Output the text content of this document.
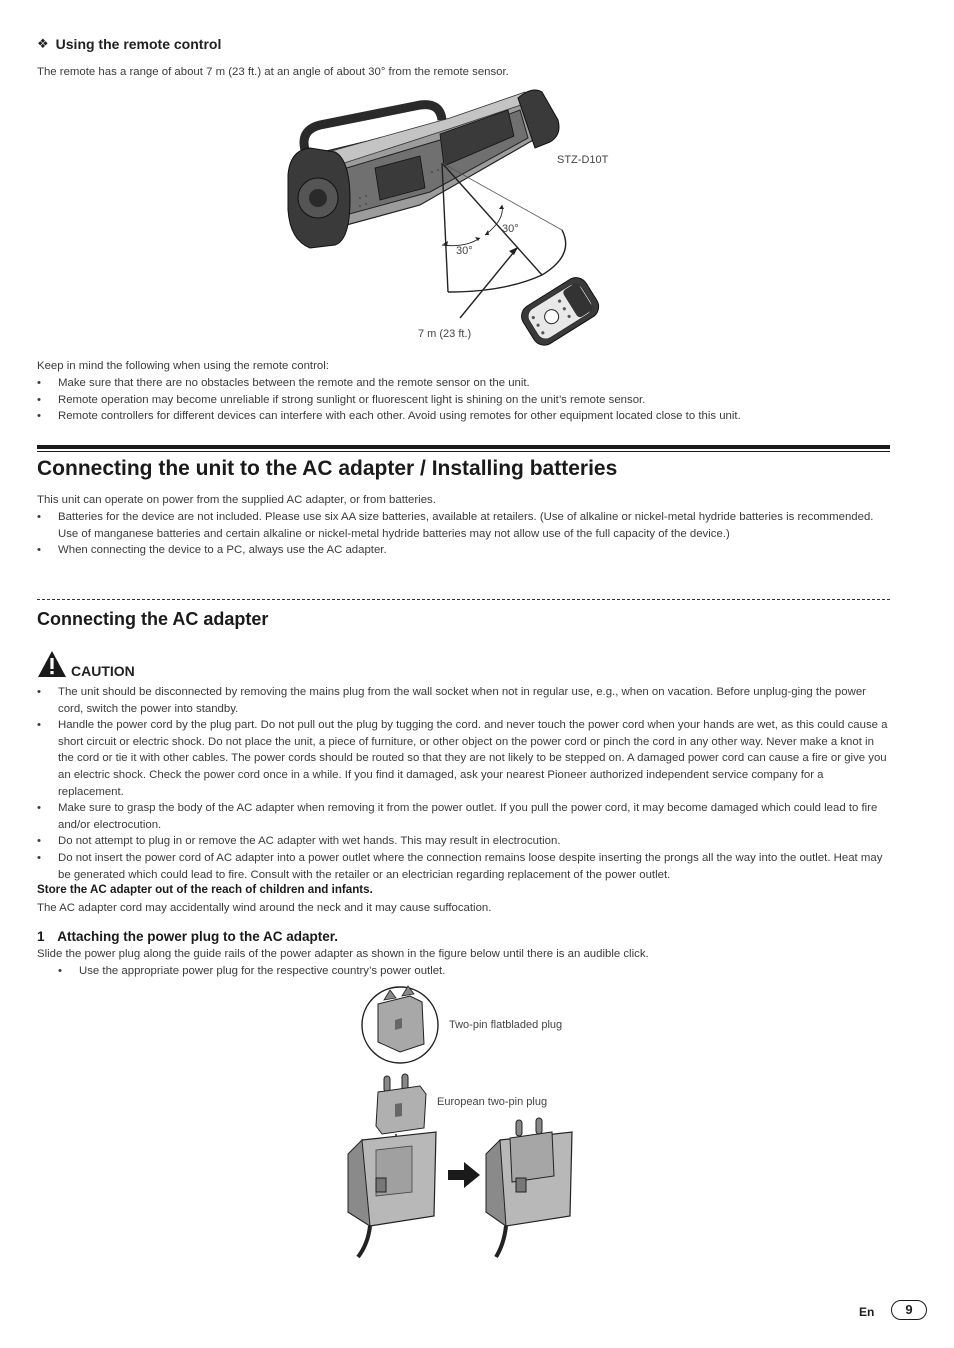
❖ Using the remote control
The remote has a range of about 7 m (23 ft.) at an angle of about 30° from the remote sensor.
STZ-D10T
30°
30°
7 m (23 ft.)
Keep in mind the following when using the remote control:
• Make sure that there are no obstacles between the remote and the remote sensor on the unit.
• Remote operation may become unreliable if strong sunlight or fluorescent light is shining on the unit’s remote sensor.
• Remote controllers for different devices can interfere with each other. Avoid using remotes for other equipment located close to this unit.
Connecting the unit to the AC adapter / Installing batteries
This unit can operate on power from the supplied AC adapter, or from batteries.
• Batteries for the device are not included. Please use six AA size batteries, available at retailers. (Use of alkaline or nickel-metal hydride batteries is recommended. Use of manganese batteries and certain alkaline or nickel-metal hydride batteries may not allow use of the full capacity of the device.)
• When connecting the device to a PC, always use the AC adapter.
Connecting the AC adapter
CAUTION
• The unit should be disconnected by removing the mains plug from the wall socket when not in regular use, e.g., when on vacation. Before unplug-ging the power cord, switch the power into standby.
• Handle the power cord by the plug part. Do not pull out the plug by tugging the cord. and never touch the power cord when your hands are wet, as this could cause a short circuit or electric shock. Do not place the unit, a piece of furniture, or other object on the power cord or pinch the cord in any other way. Never make a knot in the cord or tie it with other cables. The power cords should be routed so that they are not likely to be stepped on. A damaged power cord can cause a fire or give you an electric shock. Check the power cord once in a while. If you find it damaged, ask your nearest Pioneer authorized independent service company for a replacement.
• Make sure to grasp the body of the AC adapter when removing it from the power outlet. If you pull the power cord, it may become damaged which could lead to fire and/or electrocution.
• Do not attempt to plug in or remove the AC adapter with wet hands. This may result in electrocution.
• Do not insert the power cord of AC adapter into a power outlet where the connection remains loose despite inserting the prongs all the way into the outlet. Heat may be generated which could lead to fire. Consult with the retailer or an electrician regarding replacement of the power outlet.
Store the AC adapter out of the reach of children and infants.
The AC adapter cord may accidentally wind around the neck and it may cause suffocation.
1 Attaching the power plug to the AC adapter.
Slide the power plug along the guide rails of the power adapter as shown in the figure below until there is an audible click.
• Use the appropriate power plug for the respective country’s power outlet.
Two-pin flatbladed plug
European two-pin plug
En	9
